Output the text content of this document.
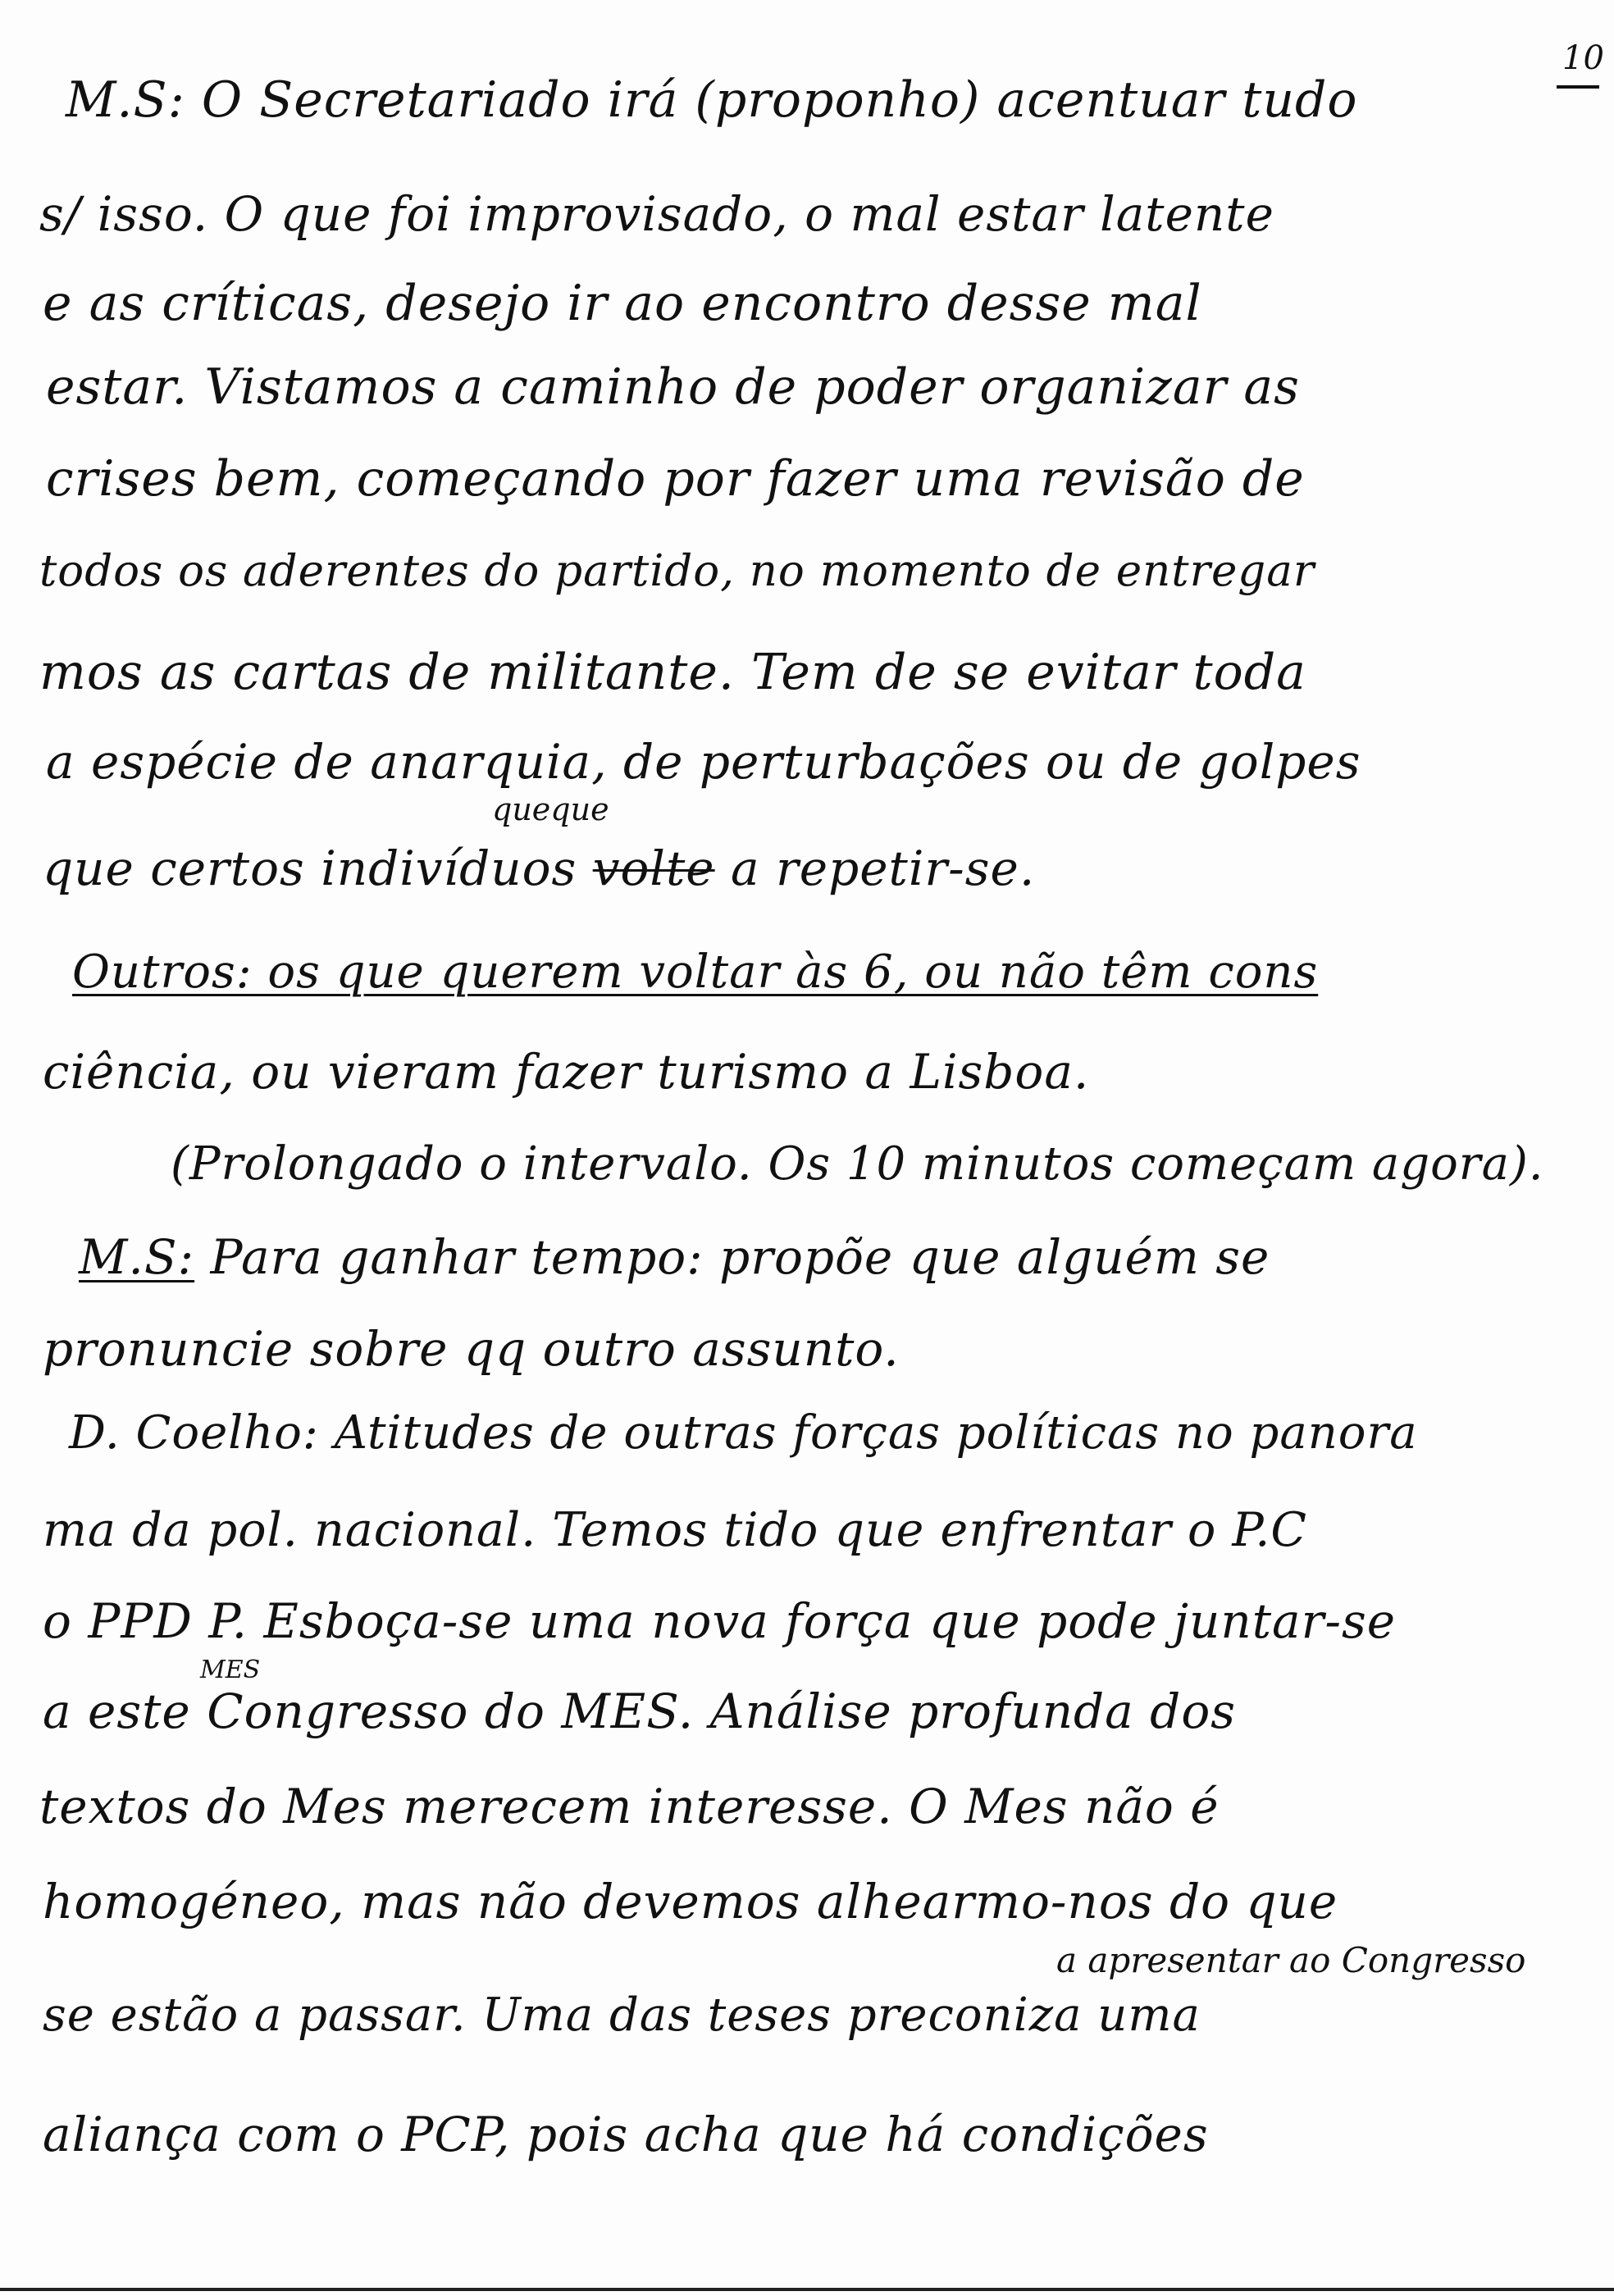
10
M.S: O Secretariado irá (proponho) acentuar tudo
s/ isso. O que foi improvisado, o mal estar latente
e as críticas, desejo ir ao encontro desse mal
estar. Vistamos a caminho de poder organizar as
crises bem, começando por fazer uma revisão de
todos os aderentes do partido, no momento de entregar
mos as cartas de militante. Tem de se evitar toda
a espécie de anarquia, de perturbações ou de golpes
queque
que certos indivíduos volte a repetir-se.
Outros: os que querem voltar às 6, ou não têm cons
ciência, ou vieram fazer turismo a Lisboa.
(Prolongado o intervalo. Os 10 minutos começam agora).
M.S: Para ganhar tempo: propõe que alguém se
pronuncie sobre qq outro assunto.
D. Coelho: Atitudes de outras forças políticas no panora
ma da pol. nacional. Temos tido que enfrentar o P.C
o PPD P. Esboça-se uma nova força que pode juntar-se
MES
a este Congresso do MES. Análise profunda dos
textos do Mes merecem interesse. O Mes não é
homogéneo, mas não devemos alhearmo-nos do que
a apresentar ao Congresso
se estão a passar. Uma das teses preconiza uma
aliança com o PCP, pois acha que há condições
